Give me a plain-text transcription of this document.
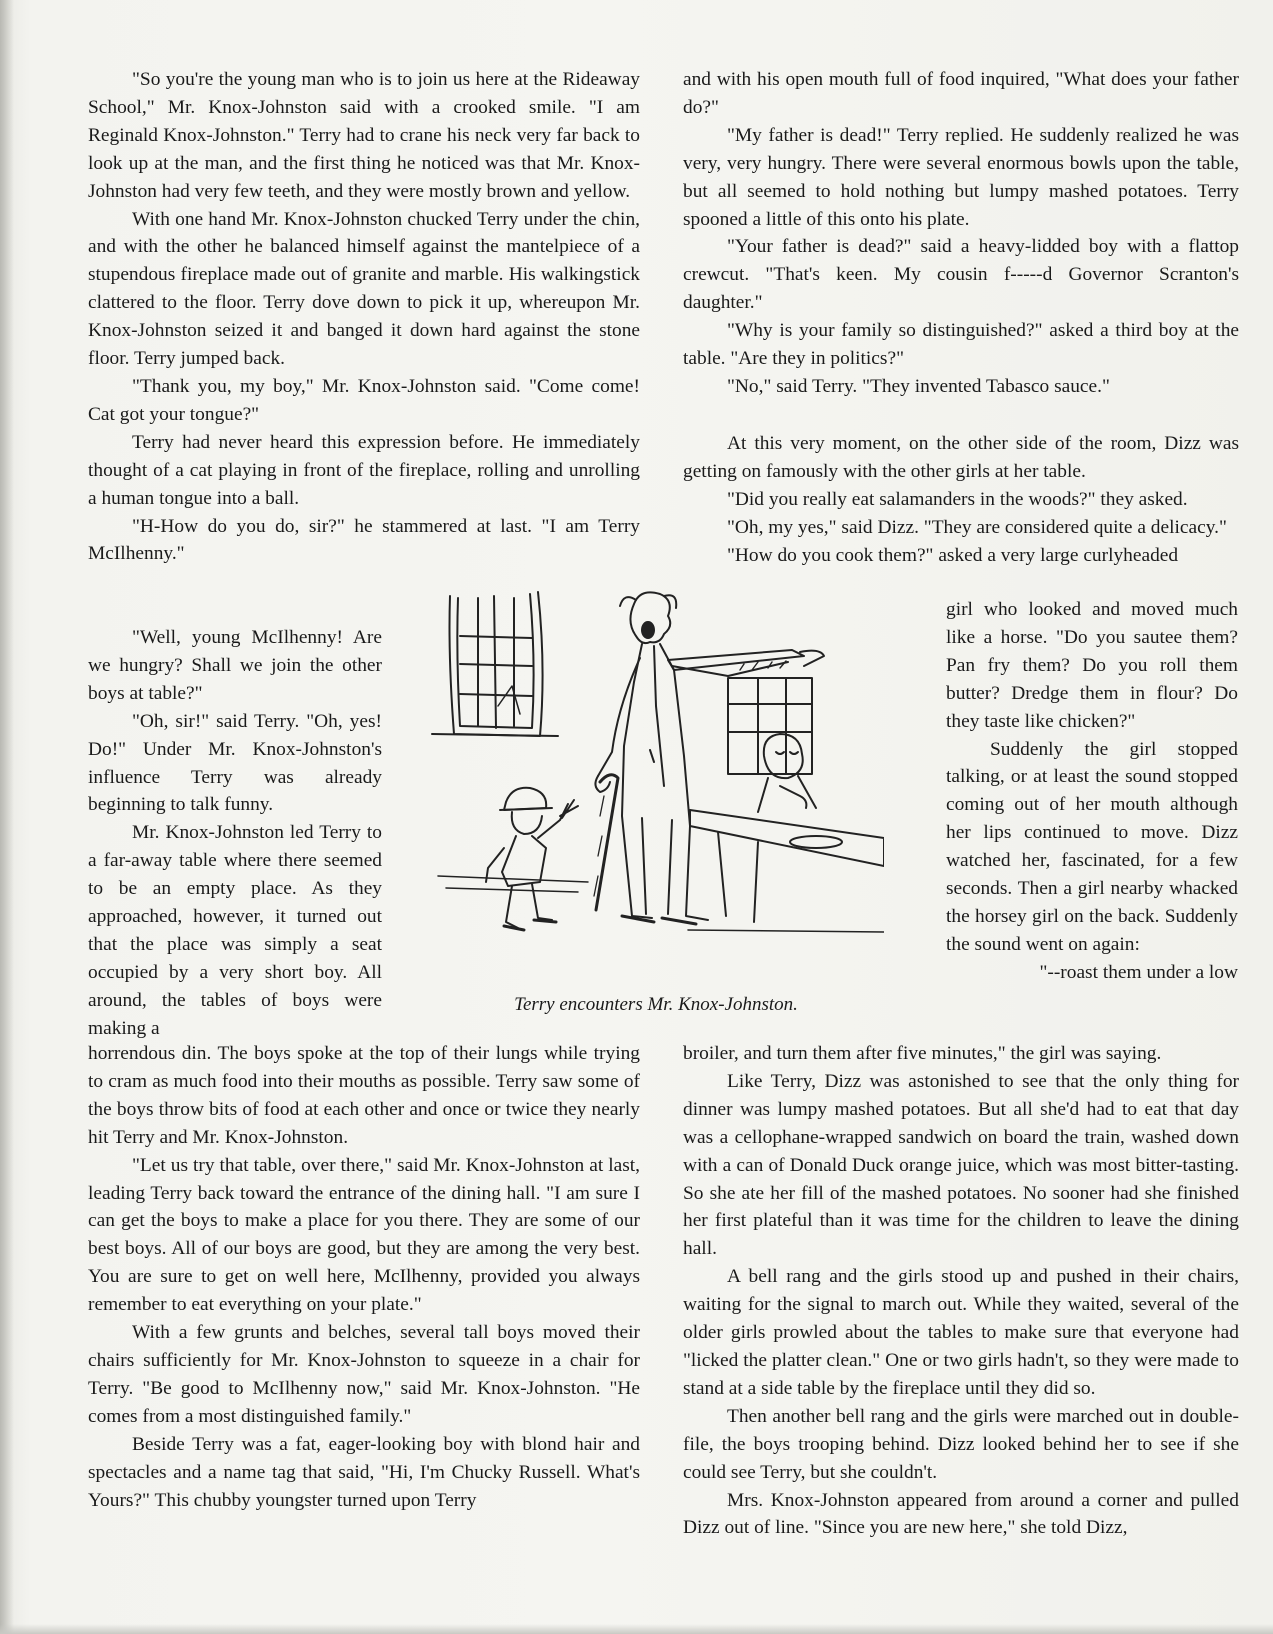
"So you're the young man who is to join us here at the Rideaway School," Mr. Knox-Johnston said with a crooked smile. "I am Reginald Knox-Johnston." Terry had to crane his neck very far back to look up at the man, and the first thing he noticed was that Mr. Knox-Johnston had very few teeth, and they were mostly brown and yellow.

With one hand Mr. Knox-Johnston chucked Terry under the chin, and with the other he balanced himself against the mantelpiece of a stupendous fireplace made out of granite and marble. His walkingstick clattered to the floor. Terry dove down to pick it up, whereupon Mr. Knox-Johnston seized it and banged it down hard against the stone floor. Terry jumped back.

"Thank you, my boy," Mr. Knox-Johnston said. "Come come! Cat got your tongue?"

Terry had never heard this expression before. He immediately thought of a cat playing in front of the fireplace, rolling and unrolling a human tongue into a ball.

"H-How do you do, sir?" he stammered at last. "I am Terry McIlhenny."

"Well, young McIlhenny! Are we hungry? Shall we join the other boys at table?"

"Oh, sir!" said Terry. "Oh, yes! Do!" Under Mr. Knox-Johnston's influence Terry was already beginning to talk funny.

Mr. Knox-Johnston led Terry to a far-away table where there seemed to be an empty place. As they approached, however, it turned out that the place was simply a seat occupied by a very short boy. All around, the tables of boys were making a

horrendous din. The boys spoke at the top of their lungs while trying to cram as much food into their mouths as possible. Terry saw some of the boys throw bits of food at each other and once or twice they nearly hit Terry and Mr. Knox-Johnston.

"Let us try that table, over there," said Mr. Knox-Johnston at last, leading Terry back toward the entrance of the dining hall. "I am sure I can get the boys to make a place for you there. They are some of our best boys. All of our boys are good, but they are among the very best. You are sure to get on well here, McIlhenny, provided you always remember to eat everything on your plate."

With a few grunts and belches, several tall boys moved their chairs sufficiently for Mr. Knox-Johnston to squeeze in a chair for Terry. "Be good to McIlhenny now," said Mr. Knox-Johnston. "He comes from a most distinguished family."

Beside Terry was a fat, eager-looking boy with blond hair and spectacles and a name tag that said, "Hi, I'm Chucky Russell. What's Yours?" This chubby youngster turned upon Terry

and with his open mouth full of food inquired, "What does your father do?"

"My father is dead!" Terry replied. He suddenly realized he was very, very hungry. There were several enormous bowls upon the table, but all seemed to hold nothing but lumpy mashed potatoes. Terry spooned a little of this onto his plate.

"Your father is dead?" said a heavy-lidded boy with a flattop crewcut. "That's keen. My cousin f-----d Governor Scranton's daughter."

"Why is your family so distinguished?" asked a third boy at the table. "Are they in politics?"

"No," said Terry. "They invented Tabasco sauce."

At this very moment, on the other side of the room, Dizz was getting on famously with the other girls at her table.

"Did you really eat salamanders in the woods?" they asked.

"Oh, my yes," said Dizz. "They are considered quite a delicacy."

"How do you cook them?" asked a very large curlyheaded

girl who looked and moved much like a horse. "Do you sautee them? Pan fry them? Do you roll them butter? Dredge them in flour? Do they taste like chicken?"

Suddenly the girl stopped talking, or at least the sound stopped coming out of her mouth although her lips continued to move. Dizz watched her, fascinated, for a few seconds. Then a girl nearby whacked the horsey girl on the back. Suddenly the sound went on again:

"--roast them under a low

broiler, and turn them after five minutes," the girl was saying.

Like Terry, Dizz was astonished to see that the only thing for dinner was lumpy mashed potatoes. But all she'd had to eat that day was a cellophane-wrapped sandwich on board the train, washed down with a can of Donald Duck orange juice, which was most bitter-tasting. So she ate her fill of the mashed potatoes. No sooner had she finished her first plateful than it was time for the children to leave the dining hall.

A bell rang and the girls stood up and pushed in their chairs, waiting for the signal to march out. While they waited, several of the older girls prowled about the tables to make sure that everyone had "licked the platter clean." One or two girls hadn't, so they were made to stand at a side table by the fireplace until they did so.

Then another bell rang and the girls were marched out in double-file, the boys trooping behind. Dizz looked behind her to see if she could see Terry, but she couldn't.

Mrs. Knox-Johnston appeared from around a corner and pulled Dizz out of line. "Since you are new here," she told Dizz,

Terry encounters Mr. Knox-Johnston.
